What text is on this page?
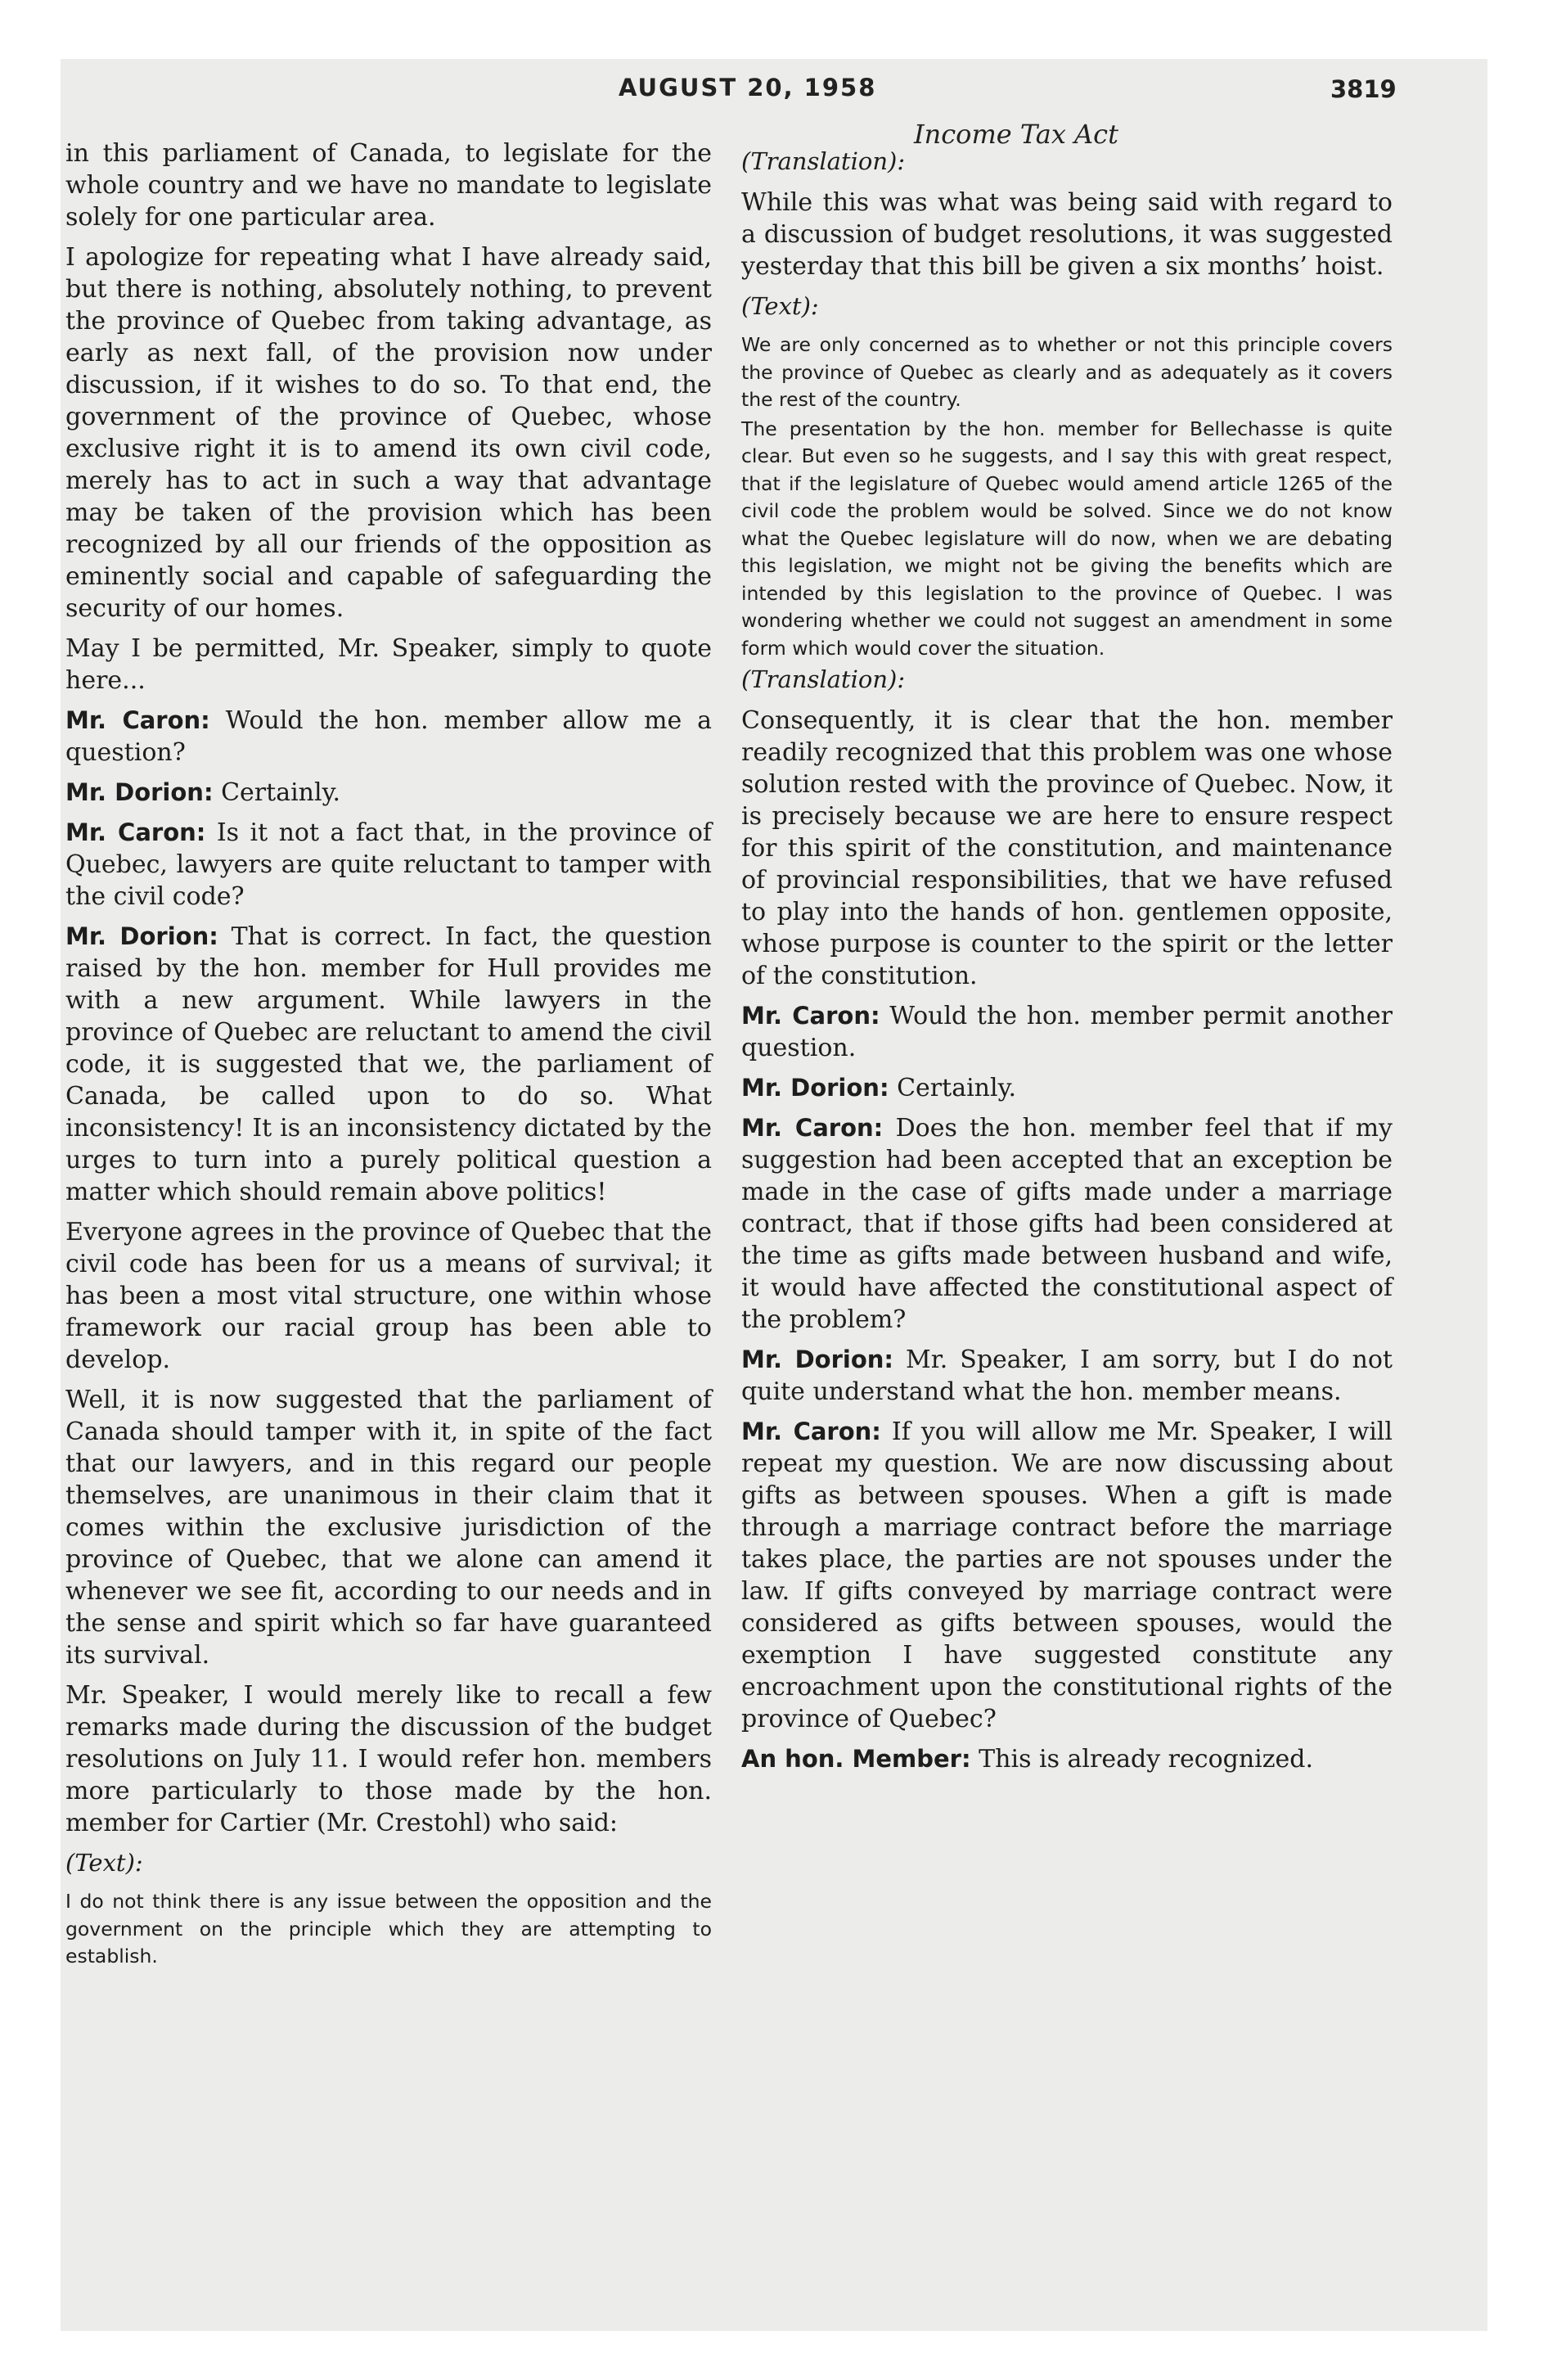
AUGUST 20, 1958	3819
Income Tax Act

in this parliament of Canada, to legislate for the whole country and we have no mandate to legislate solely for one particular area.

I apologize for repeating what I have already said, but there is nothing, absolutely nothing, to prevent the province of Quebec from taking advantage, as early as next fall, of the provision now under discussion, if it wishes to do so. To that end, the government of the province of Quebec, whose exclusive right it is to amend its own civil code, merely has to act in such a way that advantage may be taken of the provision which has been recognized by all our friends of the opposition as eminently social and capable of safeguarding the security of our homes.

May I be permitted, Mr. Speaker, simply to quote here...

Mr. Caron: Would the hon. member allow me a question?

Mr. Dorion: Certainly.

Mr. Caron: Is it not a fact that, in the province of Quebec, lawyers are quite reluctant to tamper with the civil code?

Mr. Dorion: That is correct. In fact, the question raised by the hon. member for Hull provides me with a new argument. While lawyers in the province of Quebec are reluctant to amend the civil code, it is suggested that we, the parliament of Canada, be called upon to do so. What inconsistency! It is an inconsistency dictated by the urges to turn into a purely political question a matter which should remain above politics!

Everyone agrees in the province of Quebec that the civil code has been for us a means of survival; it has been a most vital structure, one within whose framework our racial group has been able to develop.

Well, it is now suggested that the parliament of Canada should tamper with it, in spite of the fact that our lawyers, and in this regard our people themselves, are unanimous in their claim that it comes within the exclusive jurisdiction of the province of Quebec, that we alone can amend it whenever we see fit, according to our needs and in the sense and spirit which so far have guaranteed its survival.

Mr. Speaker, I would merely like to recall a few remarks made during the discussion of the budget resolutions on July 11. I would refer hon. members more particularly to those made by the hon. member for Cartier (Mr. Crestohl) who said:

(Text):

I do not think there is any issue between the opposition and the government on the principle which they are attempting to establish.

(Translation):

While this was what was being said with regard to a discussion of budget resolutions, it was suggested yesterday that this bill be given a six months’ hoist.

(Text):

We are only concerned as to whether or not this principle covers the province of Quebec as clearly and as adequately as it covers the rest of the country.

The presentation by the hon. member for Bellechasse is quite clear. But even so he suggests, and I say this with great respect, that if the legislature of Quebec would amend article 1265 of the civil code the problem would be solved. Since we do not know what the Quebec legislature will do now, when we are debating this legislation, we might not be giving the benefits which are intended by this legislation to the province of Quebec. I was wondering whether we could not suggest an amendment in some form which would cover the situation.

(Translation):

Consequently, it is clear that the hon. member readily recognized that this problem was one whose solution rested with the province of Quebec. Now, it is precisely because we are here to ensure respect for this spirit of the constitution, and maintenance of provincial responsibilities, that we have refused to play into the hands of hon. gentlemen opposite, whose purpose is counter to the spirit or the letter of the constitution.

Mr. Caron: Would the hon. member permit another question.

Mr. Dorion: Certainly.

Mr. Caron: Does the hon. member feel that if my suggestion had been accepted that an exception be made in the case of gifts made under a marriage contract, that if those gifts had been considered at the time as gifts made between husband and wife, it would have affected the constitutional aspect of the problem?

Mr. Dorion: Mr. Speaker, I am sorry, but I do not quite understand what the hon. member means.

Mr. Caron: If you will allow me Mr. Speaker, I will repeat my question. We are now discussing about gifts as between spouses. When a gift is made through a marriage contract before the marriage takes place, the parties are not spouses under the law. If gifts conveyed by marriage contract were considered as gifts between spouses, would the exemption I have suggested constitute any encroachment upon the constitutional rights of the province of Quebec?

An hon. Member: This is already recognized.
